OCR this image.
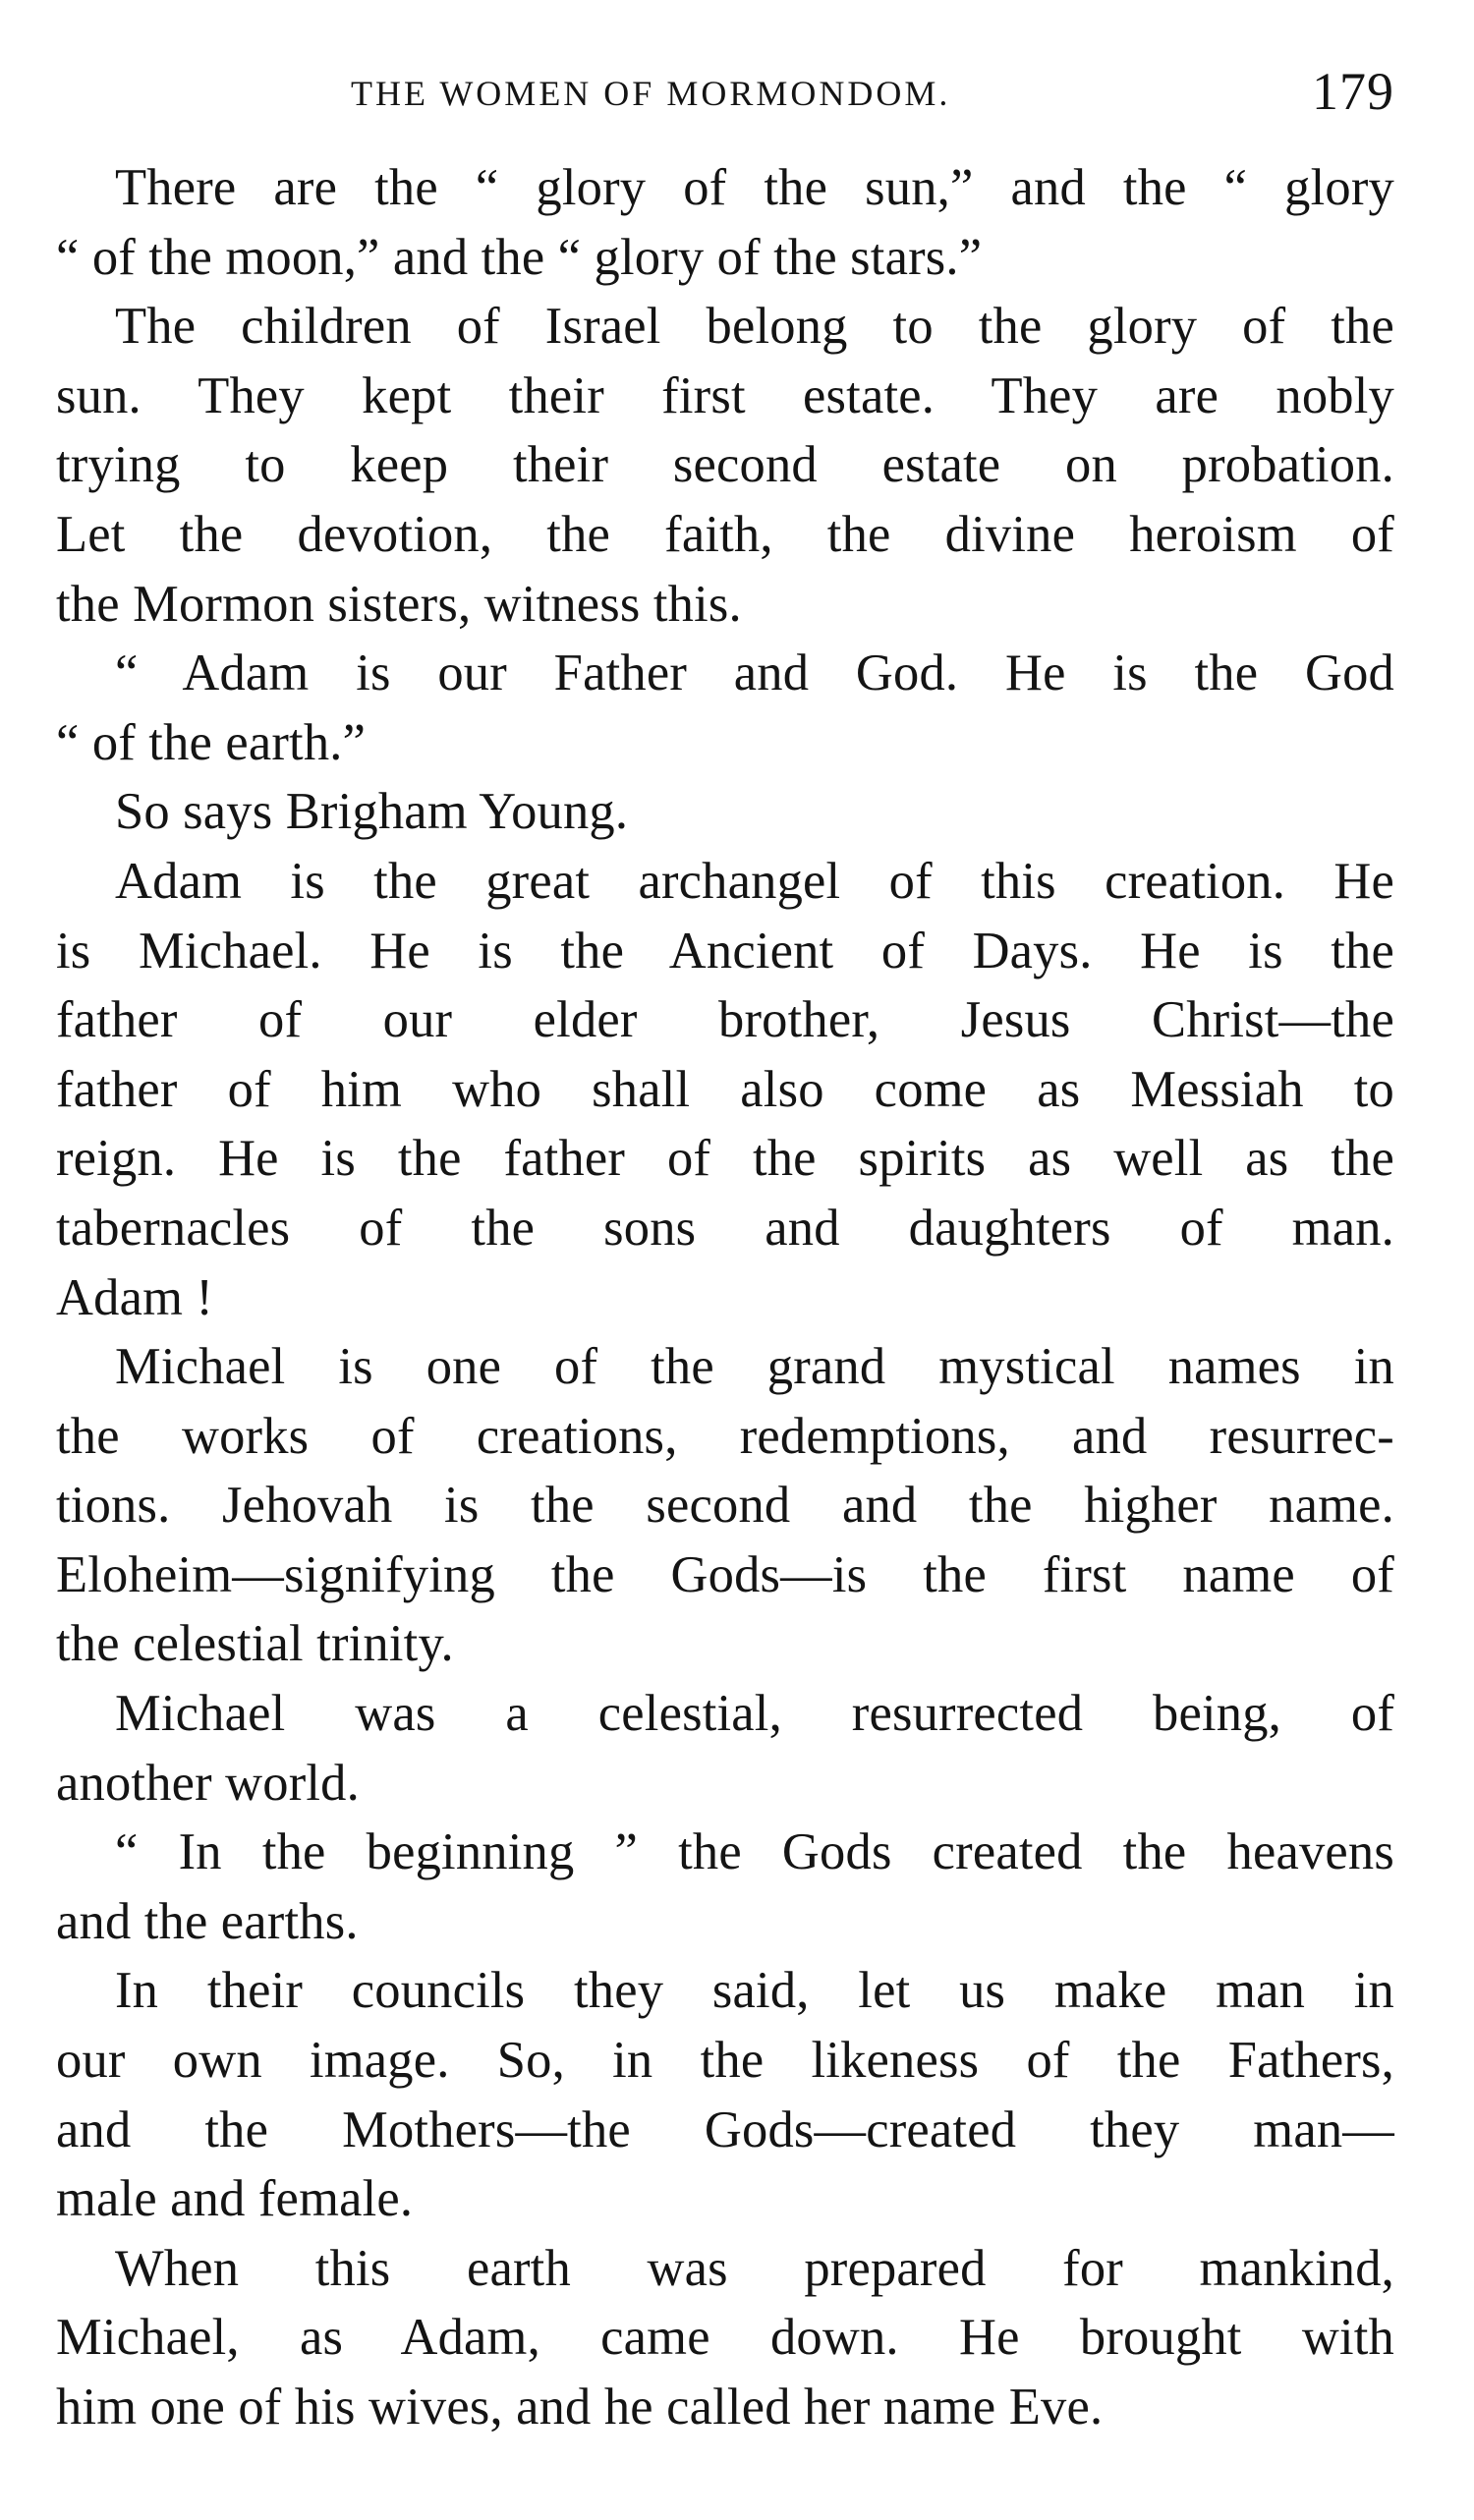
THE WOMEN OF MORMONDOM.	179
There are the “ glory of the sun,” and the “ glory
“ of the moon,” and the “ glory of the stars.”
The children of Israel belong to the glory of the
sun. They kept their first estate. They are nobly
trying to keep their second estate on probation.
Let the devotion, the faith, the divine heroism of
the Mormon sisters, witness this.
“ Adam is our Father and God. He is the God
“ of the earth.”
So says Brigham Young.
Adam is the great archangel of this creation. He
is Michael. He is the Ancient of Days. He is the
father of our elder brother, Jesus Christ—the
father of him who shall also come as Messiah to
reign. He is the father of the spirits as well as the
tabernacles of the sons and daughters of man.
Adam !
Michael is one of the grand mystical names in
the works of creations, redemptions, and resurrec-
tions. Jehovah is the second and the higher name.
Eloheim—signifying the Gods—is the first name of
the celestial trinity.
Michael was a celestial, resurrected being, of
another world.
“ In the beginning ” the Gods created the heavens
and the earths.
In their councils they said, let us make man in
our own image. So, in the likeness of the Fathers,
and the Mothers—the Gods—created they man—
male and female.
When this earth was prepared for mankind,
Michael, as Adam, came down. He brought with
him one of his wives, and he called her name Eve.
